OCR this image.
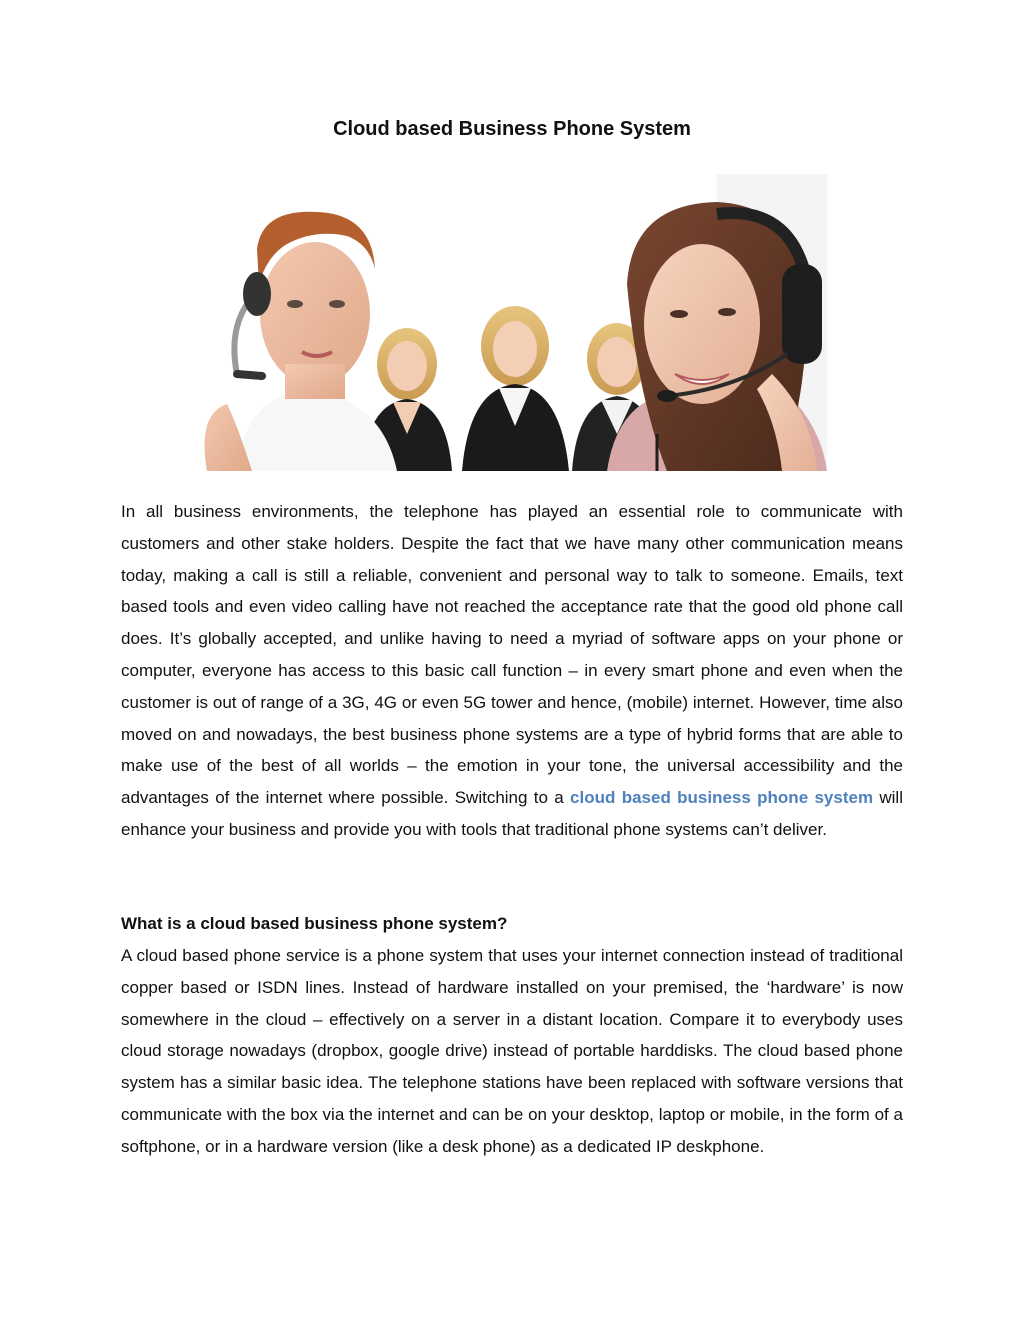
Cloud based Business Phone System

In all business environments, the telephone has played an essential role to communicate with customers and other stake holders. Despite the fact that we have many other communication means today, making a call is still a reliable, convenient and personal way to talk to someone. Emails, text based tools and even video calling have not reached the acceptance rate that the good old phone call does. It’s globally accepted, and unlike having to need a myriad of software apps on your phone or computer, everyone has access to this basic call function – in every smart phone and even when the customer is out of range of a 3G, 4G or even 5G tower and hence, (mobile) internet. However, time also moved on and nowadays, the best business phone systems are a type of hybrid forms that are able to make use of the best of all worlds – the emotion in your tone, the universal accessibility and the advantages of the internet where possible. Switching to a cloud based business phone system will enhance your business and provide you with tools that traditional phone systems can’t deliver.

What is a cloud based business phone system?

A cloud based phone service is a phone system that uses your internet connection instead of traditional copper based or ISDN lines. Instead of hardware installed on your premised, the ‘hardware’ is now somewhere in the cloud – effectively on a server in a distant location. Compare it to everybody uses cloud storage nowadays (dropbox, google drive) instead of portable harddisks. The cloud based phone system has a similar basic idea. The telephone stations have been replaced with software versions that communicate with the box via the internet and can be on your desktop, laptop or mobile, in the form of a softphone, or in a hardware version (like a desk phone) as a dedicated IP deskphone.
